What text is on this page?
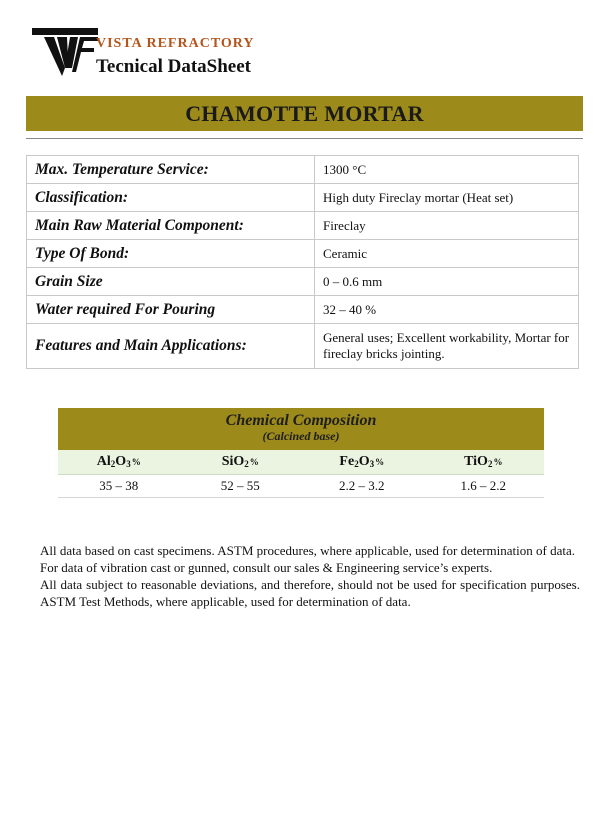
VISTA REFRACTORY
Tecnical DataSheet
CHAMOTTE MORTAR
Max. Temperature Service:	1300 °C
Classification:	High duty Fireclay mortar (Heat set)
Main Raw Material Component:	Fireclay
Type Of Bond:	Ceramic
Grain Size	0 – 0.6 mm
Water required For Pouring	32 – 40 %
Features and Main Applications:	General uses; Excellent workability, Mortar for fireclay bricks jointing.
Chemical Composition
(Calcined base)
$Al_2O_3\%$	SiO$_2$%	$Fe_2O_3\%$	TiO$_2$%
35 – 38	52 – 55	2.2 – 3.2	1.6 – 2.2

All data based on cast specimens. ASTM procedures, where applicable, used for determination of data.

For data of vibration cast or gunned, consult our sales & Engineering service’s experts.

All data subject to reasonable deviations, and therefore, should not be used for specification purposes. ASTM Test Methods, where applicable, used for determination of data.
